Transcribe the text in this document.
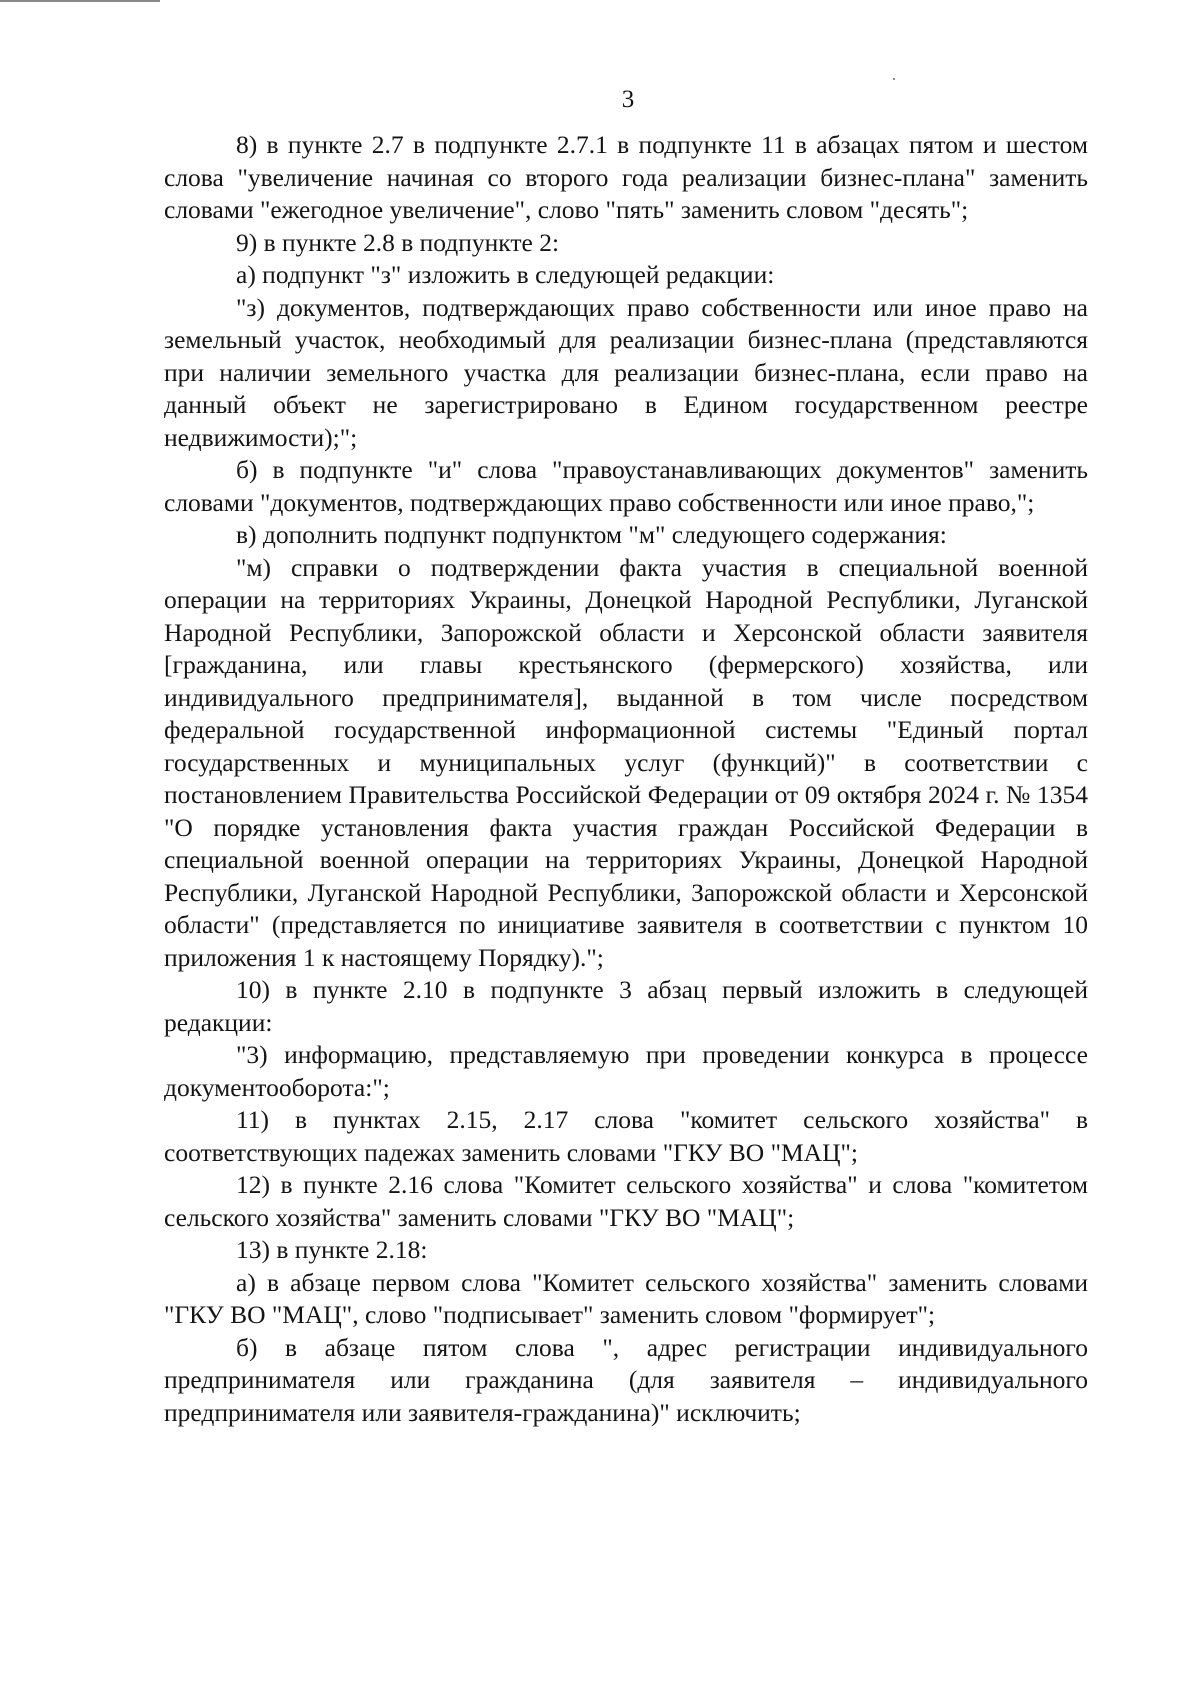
3

8) в пункте 2.7 в подпункте 2.7.1 в подпункте 11 в абзацах пятом и шестом слова "увеличение начиная со второго года реализации бизнес-плана" заменить словами "ежегодное увеличение", слово "пять" заменить словом "десять";

9) в пункте 2.8 в подпункте 2:

а) подпункт "з" изложить в следующей редакции:

"з) документов, подтверждающих право собственности или иное право на земельный участок, необходимый для реализации бизнес-плана (представляются при наличии земельного участка для реализации бизнес-плана, если право на данный объект не зарегистрировано в Едином государственном реестре недвижимости);";

б) в подпункте "и" слова "правоустанавливающих документов" заменить словами "документов, подтверждающих право собственности или иное право,";

в) дополнить подпункт подпунктом "м" следующего содержания:

"м) справки о подтверждении факта участия в специальной военной операции на территориях Украины, Донецкой Народной Республики, Луганской Народной Республики, Запорожской области и Херсонской области заявителя [гражданина, или главы крестьянского (фермерского) хозяйства, или индивидуального предпринимателя], выданной в том числе посредством федеральной государственной информационной системы "Единый портал государственных и муниципальных услуг (функций)" в соответствии с постановлением Правительства Российской Федерации от 09 октября 2024 г. № 1354 "О порядке установления факта участия граждан Российской Федерации в специальной военной операции на территориях Украины, Донецкой Народной Республики, Луганской Народной Республики, Запорожской области и Херсонской области" (представляется по инициативе заявителя в соответствии с пунктом 10 приложения 1 к настоящему Порядку).";

10) в пункте 2.10 в подпункте 3 абзац первый изложить в следующей редакции:

"3) информацию, представляемую при проведении конкурса в процессе документооборота:";

11) в пунктах 2.15, 2.17 слова "комитет сельского хозяйства" в соответствующих падежах заменить словами "ГКУ ВО "МАЦ";

12) в пункте 2.16 слова "Комитет сельского хозяйства" и слова "комитетом сельского хозяйства" заменить словами "ГКУ ВО "МАЦ";

13) в пункте 2.18:

а) в абзаце первом слова "Комитет сельского хозяйства" заменить словами "ГКУ ВО "МАЦ", слово "подписывает" заменить словом "формирует";

б) в абзаце пятом слова ", адрес регистрации индивидуального предпринимателя или гражданина (для заявителя – индивидуального предпринимателя или заявителя-гражданина)" исключить;
